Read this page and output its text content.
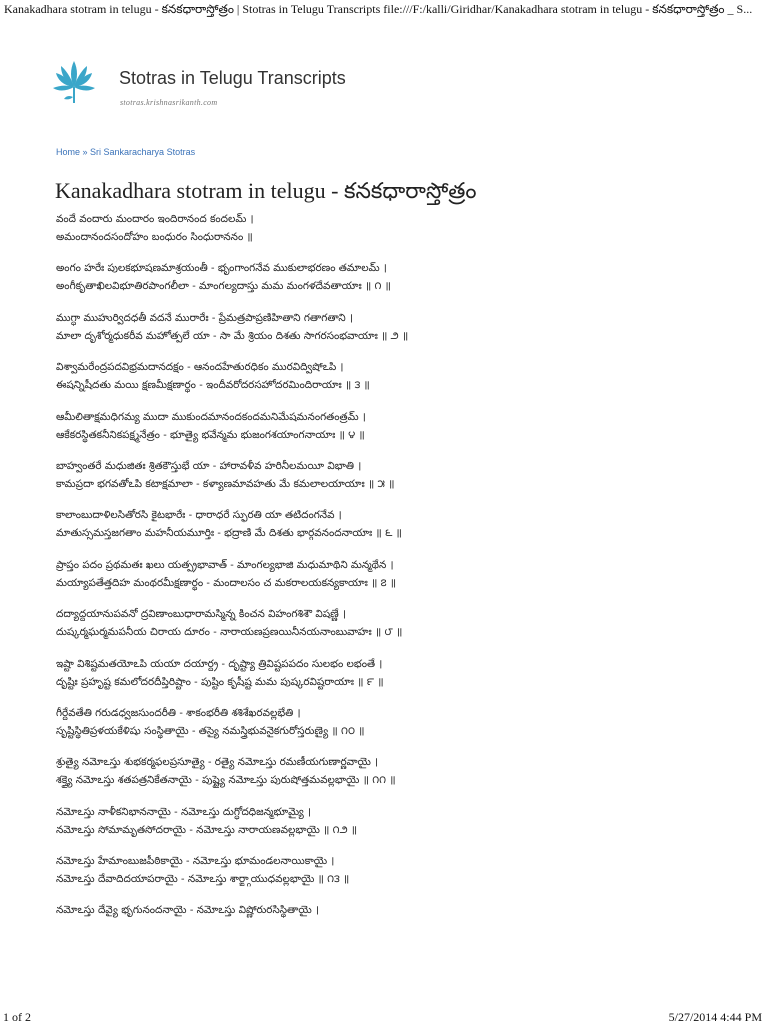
Kanakadhara stotram in telugu - కనకధారాస్తోత్రం | Stotras in Telugu Transcripts file:///F:/kalli/Giridhar/Kanakadhara stotram in telugu - కనకధారాస్తోత్రం _ S...
Stotras in Telugu Transcripts
stotras.krishnasrikanth.com
Home » Sri Sankaracharya Stotras
Kanakadhara stotram in telugu - కనకధారాస్తోత్రం
వందే వందారు మందారం ఇందిరానంద కందలమ్ ।
అమందానందసందోహం బంధురం సింధురాననం ॥
అంగం హరేః పులకభూషణమాశ్రయంతీ - భృంగాంగనేవ ముకులాభరణం తమాలమ్ ।
అంగీకృతాఖిలవిభూతిరపాంగలీలా - మాంగల్యదాస్తు మమ మంగళదేవతాయాః ॥ ౧ ॥
ముగ్ధా ముహుర్విదధతీ వదనే మురారేః - ప్రేమత్రపాప్రణిహితాని గతాగతాని ।
మాలా దృశోర్మధుకరీవ మహోత్పలే యా - సా మే శ్రియం దిశతు సాగరసంభవాయాః ॥ ౨ ॥
విశ్వామరేంద్రపదవిభ్రమదానదక్షం - ఆనందహేతురధికం మురవిద్విషోఽపి ।
ఈషన్నిషీదతు మయి క్షణమీక్షణార్థం - ఇందీవరోదరసహోదరమిందిరాయాః ॥ ౩ ॥
ఆమీలితాక్షమధిగమ్య ముదా ముకుందమానందకందమనిమేషమనంగతంత్రమ్ ।
ఆకేకరస్థితకనీనికపక్ష్మనేత్రం - భూత్యై భవేన్మమ భుజంగశయాంగనాయాః ॥ ౪ ॥
బాహ్వంతరే మధుజితః శ్రితకౌస్తుభే యా - హారావళీవ హరినీలమయీ విభాతి ।
కామప్రదా భగవతోఽపి కటాక్షమాలా - కళ్యాణమావహతు మే కమలాలయాయాః ॥ ౫ ॥
కాలాంబుదాళిలసితోరసి కైటభారేః - ధారాధరే స్ఫురతి యా తటిదంగనేవ ।
మాతుస్సమస్తజగతాం మహనీయమూర్తిః - భద్రాణి మే దిశతు భార్గవనందనాయాః ॥ ౬ ॥
ప్రాప్తం పదం ప్రథమతః ఖలు యత్ప్రభావాత్ - మాంగల్యభాజి మధుమాథిని మన్మథేన ।
మయ్యాపతేత్తదిహ మంథరమీక్షణార్థం - మందాలసం చ మకరాలయకన్యకాయాః ॥ ౭ ॥
దద్యాద్దయానుపవనో ద్రవిణాంబుధారామస్మిన్న కించన విహంగశిశౌ విషణ్ణే ।
దుష్కర్మఘర్మమపనీయ చిరాయ దూరం - నారాయణప్రణయినీనయనాంబువాహః ॥ ౮ ॥
ఇష్టా విశిష్టమతయోఽపి యయా దయార్ద్ర - దృష్ట్యా త్రివిష్టపపదం సులభం లభంతే ।
దృష్టిః ప్రహృష్ట కమలోదరదీప్తిరిష్టాం - పుష్టిం కృషీష్ట మమ పుష్కరవిష్టరాయాః ॥ ౯ ॥
గీర్దేవతేతి గరుడధ్వజసుందరీతి - శాకంభరీతి శశిశేఖరవల్లభేతి ।
సృష్టిస్థితిప్రళయకేళిషు సంస్థితాయై - తస్యై నమస్త్రిభువనైకగురోస్తరుణ్యై ॥ ౧౦ ॥
శ్రుత్యై నమోఽస్తు శుభకర్మఫలప్రసూత్యై - రత్యై నమోఽస్తు రమణీయగుణార్ణవాయై ।
శక్త్యై నమోఽస్తు శతపత్రనికేతనాయై - పుష్ట్యై నమోఽస్తు పురుషోత్తమవల్లభాయై ॥ ౧౧ ॥
నమోఽస్తు నాళీకనిభాననాయై - నమోఽస్తు దుగ్ధోదధిజన్మభూమ్యై ।
నమోఽస్తు సోమామృతసోదరాయై - నమోఽస్తు నారాయణవల్లభాయై ॥ ౧౨ ॥
నమోఽస్తు హేమాంబుజపీఠికాయై - నమోఽస్తు భూమండలనాయికాయై ।
నమోఽస్తు దేవాదిదయాపరాయై - నమోఽస్తు శార్ఙ్గాయుధవల్లభాయై ॥ ౧౩ ॥
నమోఽస్తు దేవ్యై భృగునందనాయై - నమోఽస్తు విష్ణోరురసిస్థితాయై ।
1 of 2	5/27/2014 4:44 PM
